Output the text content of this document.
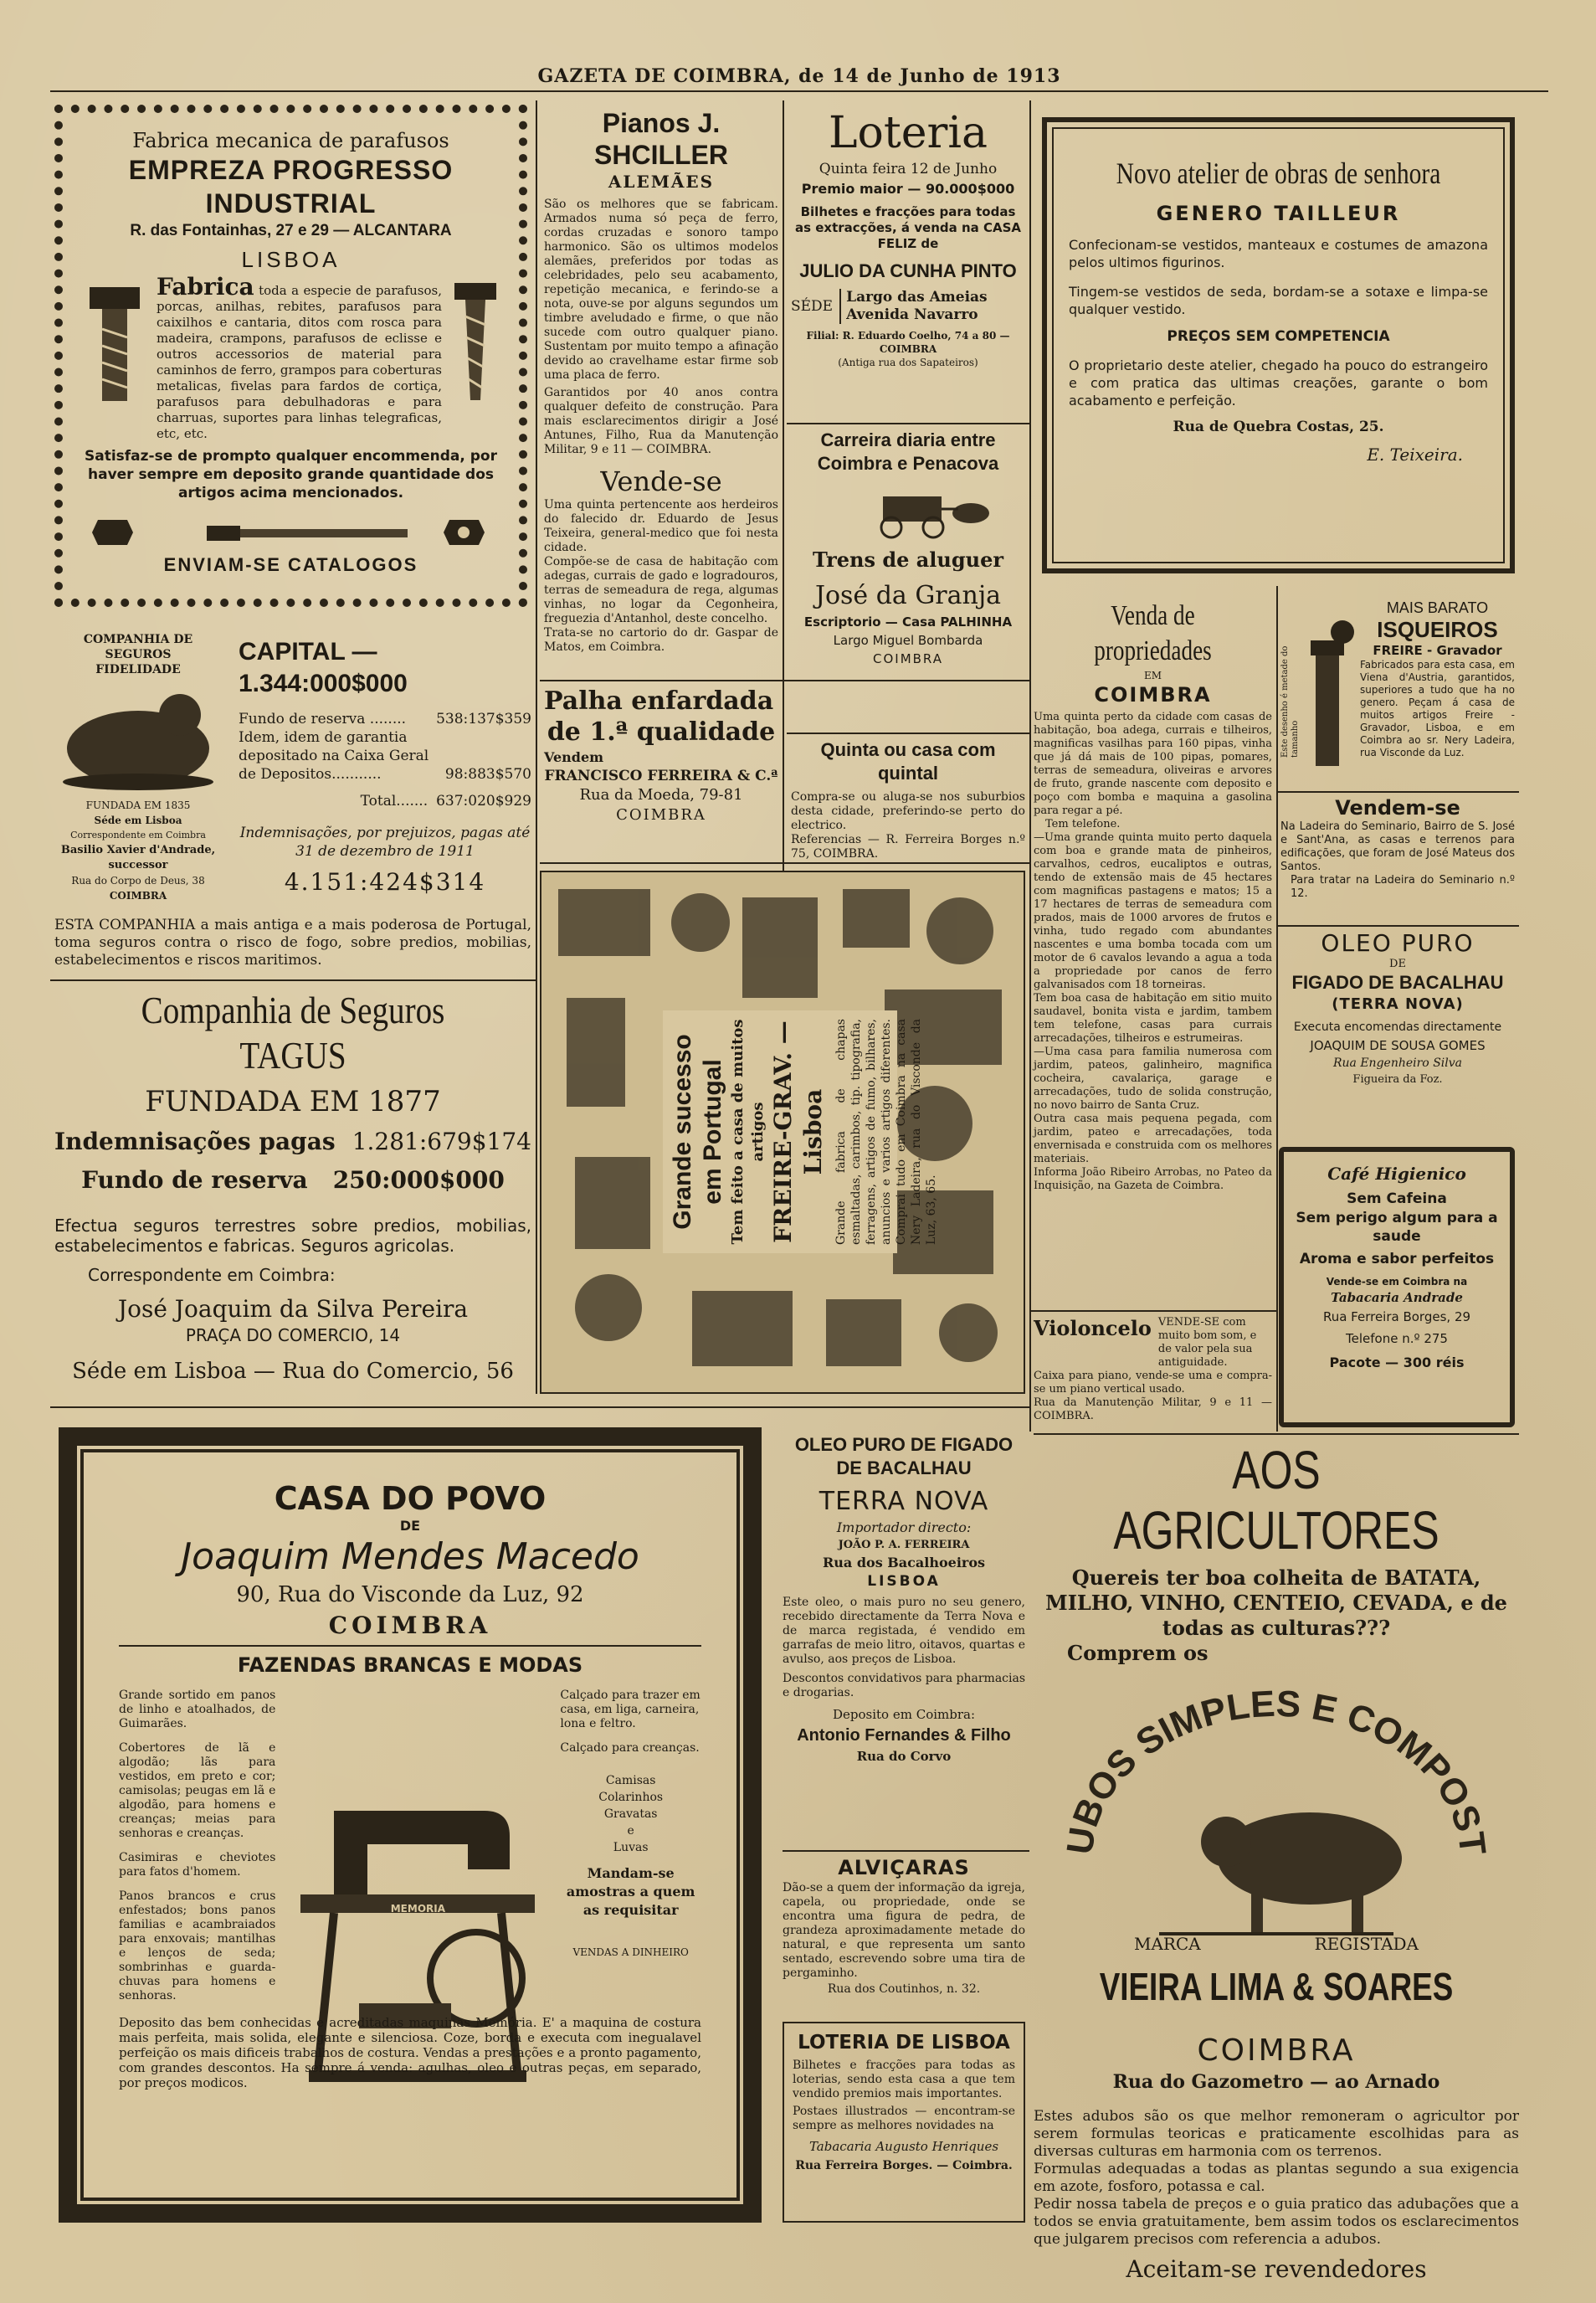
GAZETA DE COIMBRA, de 14 de Junho de 1913

Fabrica mecanica de parafusos

EMPREZA PROGRESSO INDUSTRIAL

R. das Fontainhas, 27 e 29 — ALCANTARA

LISBOA

Fabrica toda a especie de parafusos, porcas, anilhas, rebites, parafusos para caixilhos e cantaria, ditos com rosca para madeira, crampons, parafusos de eclisse e outros accessorios de material para caminhos de ferro, grampos para coberturas metalicas, fivelas para fardos de cortiça, parafusos para debulhadoras e para charruas, suportes para linhas telegraficas, etc, etc.

Satisfaz-se de prompto qualquer encommenda, por haver sempre em deposito grande quantidade dos artigos acima mencionados.

ENVIAM-SE CATALOGOS

COMPANHIA DE SEGUROS

FIDELIDADE

FUNDADA EM 1835

Séde em Lisboa

Correspondente em Coimbra

Basilio Xavier d'Andrade, successor

Rua do Corpo de Deus, 38

COIMBRA

CAPITAL — 1.344:000$000

Fundo de reserva ........	538:137$359
Idem, idem de garantia depositado na Caixa Geral de Depositos...........	98:883$570
Total....... 637:020$929

Indemnisações, por prejuizos, pagas até 31 de dezembro de 1911

4.151:424$314

ESTA COMPANHIA a mais antiga e a mais poderosa de Portugal, toma seguros contra o risco de fogo, sobre predios, mobilias, estabelecimentos e riscos maritimos.

Companhia de Seguros TAGUS

FUNDADA EM 1877

Indemnisações pagas 1.281:679$174
Fundo de reserva 250:000$000

Efectua seguros terrestres sobre predios, mobilias, estabelecimentos e fabricas. Seguros agricolas.

Correspondente em Coimbra:

José Joaquim da Silva Pereira

PRAÇA DO COMERCIO, 14

Séde em Lisboa — Rua do Comercio, 56

Pianos J. SHCILLER

ALEMÃES

São os melhores que se fabricam. Armados numa só peça de ferro, cordas cruzadas e sonoro tampo harmonico. São os ultimos modelos alemães, preferidos por todas as celebridades, pelo seu acabamento, repetição mecanica, e ferindo-se a nota, ouve-se por alguns segundos um timbre aveludado e firme, o que não sucede com outro qualquer piano. Sustentam por muito tempo a afinação devido ao cravelhame estar firme sob uma placa de ferro.

Garantidos por 40 anos contra qualquer defeito de construção. Para mais esclarecimentos dirigir a José Antunes, Filho, Rua da Manutenção Militar, 9 e 11 — COIMBRA.

Vende-se

Uma quinta pertencente aos herdeiros do falecido dr. Eduardo de Jesus Teixeira, general-medico que foi nesta cidade.

Compõe-se de casa de habitação com adegas, currais de gado e logradouros, terras de semeadura de rega, algumas vinhas, no logar da Cegonheira, freguezia d'Antanhol, deste concelho.

Trata-se no cartorio do dr. Gaspar de Matos, em Coimbra.

Palha enfardada

de 1.ª qualidade

Vendem

FRANCISCO FERREIRA & C.ª

Rua da Moeda, 79-81

COIMBRA

Loteria

Quinta feira 12 de Junho

Premio maior — 90.000$000

Bilhetes e fracções para todas as extracções, á venda na CASA FELIZ de

JULIO DA CUNHA PINTO

SÉDE

Largo das Ameias

Avenida Navarro

Filial: R. Eduardo Coelho, 74 a 80 — COIMBRA

(Antiga rua dos Sapateiros)

Carreira diaria entre Coimbra e Penacova

Trens de aluguer

José da Granja

Escriptorio — Casa PALHINHA

Largo Miguel Bombarda

COIMBRA

Quinta ou casa com quintal

Compra-se ou aluga-se nos suburbios desta cidade, preferindo-se perto do electrico.

Referencias — R. Ferreira Borges n.º 75, COIMBRA.

Grande sucesso em Portugal Tem feito a casa de muitos artigos FREIRE-GRAV. — Lisboa Grande fabrica de chapas esmaltadas, carimbos, tip. tipografia, ferragens, artigos de fumo, bilhares, anuncios e varios artigos diferentes. Comprai tudo em Coimbra na casa Nery Ladeira, rua do Visconde da Luz, 63, 65.

Novo atelier de obras de senhora

GENERO TAILLEUR

Confecionam-se vestidos, manteaux e costumes de amazona pelos ultimos figurinos.

Tingem-se vestidos de seda, bordam-se a sotaxe e limpa-se qualquer vestido.

PREÇOS SEM COMPETENCIA

O proprietario deste atelier, chegado ha pouco do estrangeiro e com pratica das ultimas creações, garante o bom acabamento e perfeição.

Rua de Quebra Costas, 25.

E. Teixeira.

Venda de propriedades

EM

COIMBRA

Uma quinta perto da cidade com casas de habitação, boa adega, currais e tilheiros, magnificas vasilhas para 160 pipas, vinha que já dá mais de 100 pipas, pomares, terras de semeadura, oliveiras e arvores de fruto, grande nascente com deposito e poço com bomba e maquina a gasolina para regar a pé.

Tem telefone.

—Uma grande quinta muito perto daquela com boa e grande mata de pinheiros, carvalhos, cedros, eucaliptos e outras, tendo de extensão mais de 45 hectares com magnificas pastagens e matos; 15 a 17 hectares de terras de semeadura com prados, mais de 1000 arvores de frutos e vinha, tudo regado com abundantes nascentes e uma bomba tocada com um motor de 6 cavalos levando a agua a toda a propriedade por canos de ferro galvanisados com 18 torneiras.

Tem boa casa de habitação em sitio muito saudavel, bonita vista e jardim, tambem tem telefone, casas para currais arrecadações, tilheiros e estrumeiras.

—Uma casa para familia numerosa com jardim, pateos, galinheiro, magnifica cocheira, cavalariça, garage e arrecadações, tudo de solida construção, no novo bairro de Santa Cruz.

Outra casa mais pequena pegada, com jardim, pateo e arrecadações, toda envernisada e construida com os melhores materiais.

Informa João Ribeiro Arrobas, no Pateo da Inquisição, na Gazeta de Coimbra.

Violoncelo VENDE-SE com muito bom som, e de valor pela sua antiguidade.

Caixa para piano, vende-se uma e compra-se um piano vertical usado.

Rua da Manutenção Militar, 9 e 11 — COIMBRA.

Este desenho é metade do tamanho

MAIS BARATO

ISQUEIROS

FREIRE - Gravador

Fabricados para esta casa, em Viena d'Austria, garantidos, superiores a tudo que ha no genero. Peçam á casa de muitos artigos Freire - Gravador, Lisboa, e em Coimbra ao sr. Nery Ladeira, rua Visconde da Luz.

Vendem-se

Na Ladeira do Seminario, Bairro de S. José e Sant'Ana, as casas e terrenos para edificações, que foram de José Mateus dos Santos.

Para tratar na Ladeira do Seminario n.º 12.

OLEO PURO

DE

FIGADO DE BACALHAU

(TERRA NOVA)

Executa encomendas directamente

JOAQUIM DE SOUSA GOMES

Rua Engenheiro Silva

Figueira da Foz.

Café Higienico

Sem Cafeina

Sem perigo algum para a saude

Aroma e sabor perfeitos

Vende-se em Coimbra na

Tabacaria Andrade

Rua Ferreira Borges, 29

Telefone n.º 275

Pacote — 300 réis

CASA DO POVO

DE

Joaquim Mendes Macedo

90, Rua do Visconde da Luz, 92

COIMBRA

FAZENDAS BRANCAS E MODAS

Grande sortido em panos de linho e atoalhados, de Guimarães.

Cobertores de lã e algodão; lãs para vestidos, em preto e cor; camisolas; peugas em lã e algodão, para homens e creanças; meias para senhoras e creanças.

Casimiras e cheviotes para fatos d'homem.

Panos brancos e crus enfestados; bons panos familias e acambraiados para enxovais; mantilhas e lenços de seda; sombrinhas e guarda-chuvas para homens e senhoras.

MEMORIA

Calçado para trazer em casa, em liga, carneira, lona e feltro.

Calçado para creanças.

Camisas

Colarinhos

Gravatas

e

Luvas

Mandam-se amostras a quem as requisitar

VENDAS A DINHEIRO

Deposito das bem conhecidas e acreditadas maquinas Memória. E' a maquina de costura mais perfeita, mais solida, elegante e silenciosa. Coze, borda e executa com inegualavel perfeição os mais dificeis trabalhos de costura. Vendas a prestações e a pronto pagamento, com grandes descontos. Ha sempre á venda: agulhas, oleo e outras peças, em separado, por preços modicos.

OLEO PURO DE FIGADO DE BACALHAU

TERRA NOVA

Importador directo:

JOÃO P. A. FERREIRA

Rua dos Bacalhoeiros

LISBOA

Este oleo, o mais puro no seu genero, recebido directamente da Terra Nova e de marca registada, é vendido em garrafas de meio litro, oitavos, quartas e avulso, aos preços de Lisboa.

Descontos convidativos para pharmacias e drogarias.

Deposito em Coimbra:

Antonio Fernandes & Filho

Rua do Corvo

ALVIÇARAS

Dão-se a quem der informação da igreja, capela, ou propriedade, onde se encontra uma figura de pedra, de grandeza aproximadamente metade do natural, e que representa um santo sentado, escrevendo sobre uma tira de pergaminho.

Rua dos Coutinhos, n. 32.

LOTERIA DE LISBOA

Bilhetes e fracções para todas as loterias, sendo esta casa a que tem vendido premios mais importantes.

Postaes illustrados — encontram-se sempre as melhores novidades na

Tabacaria Augusto Henriques

Rua Ferreira Borges. — Coimbra.

AOS AGRICULTORES

Quereis ter boa colheita de BATATA, MILHO, VINHO, CENTEIO, CEVADA, e de todas as culturas???

Comprem os

UBOS SIMPLES E COMPOST
MARCA	REGISTADA

VIEIRA LIMA & SOARES

COIMBRA

Rua do Gazometro — ao Arnado

Estes adubos são os que melhor remoneram o agricultor por serem formulas teoricas e praticamente escolhidas para as diversas culturas em harmonia com os terrenos.

Formulas adequadas a todas as plantas segundo a sua exigencia em azote, fosforo, potassa e cal.

Pedir nossa tabela de preços e o guia pratico das adubações que a todos se envia gratuitamente, bem assim todos os esclarecimentos que julgarem precisos com referencia a adubos.

Aceitam-se revendedores
